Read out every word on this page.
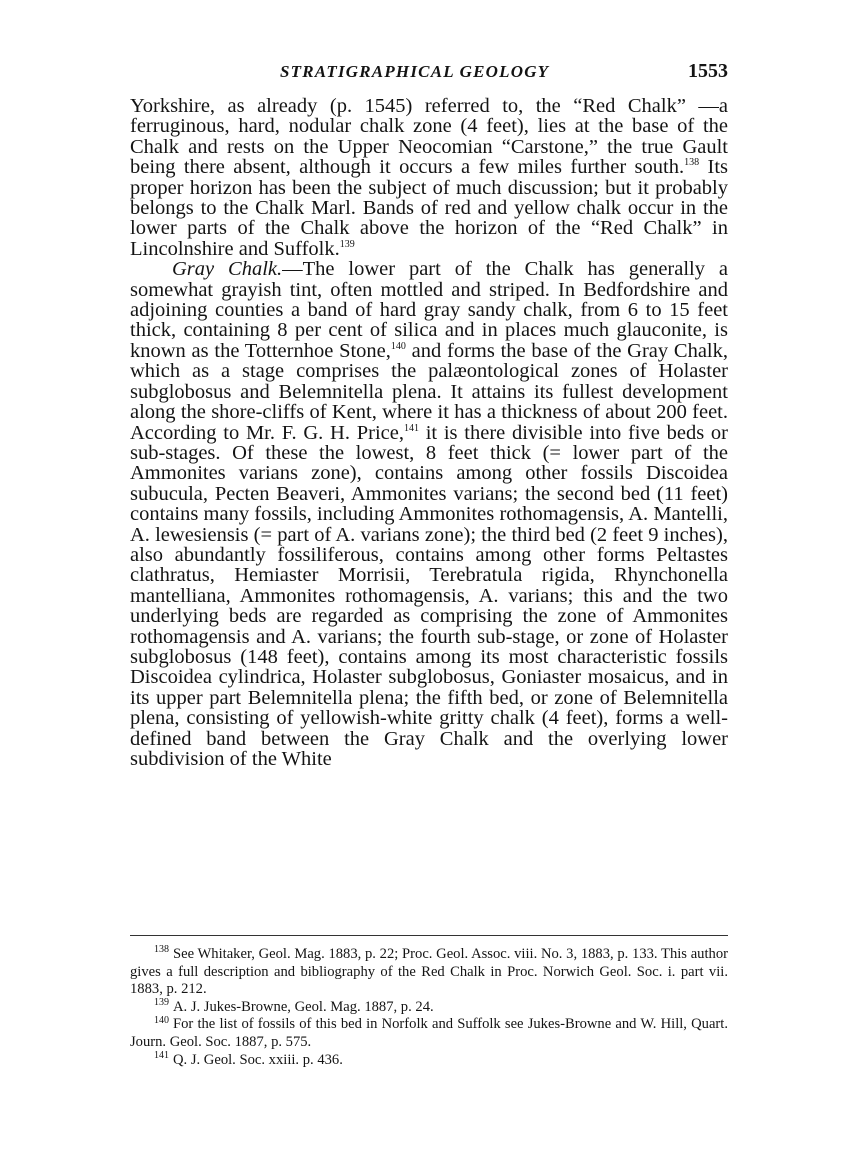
STRATIGRAPHICAL GEOLOGY	1553

Yorkshire, as already (p. 1545) referred to, the “Red Chalk” —a ferruginous, hard, nodular chalk zone (4 feet), lies at the base of the Chalk and rests on the Upper Neocomian “Carstone,” the true Gault being there absent, although it occurs a few miles further south.$^{138}$ Its proper horizon has been the subject of much discussion; but it probably belongs to the Chalk Marl. Bands of red and yellow chalk occur in the lower parts of the Chalk above the horizon of the “Red Chalk” in Lincolnshire and Suffolk.$^{139}$

Gray Chalk.—The lower part of the Chalk has generally a somewhat grayish tint, often mottled and striped. In Bedfordshire and adjoining counties a band of hard gray sandy chalk, from 6 to 15 feet thick, containing 8 per cent of silica and in places much glauconite, is known as the Totternhoe Stone,$^{140}$ and forms the base of the Gray Chalk, which as a stage comprises the palæontological zones of Holaster subglobosus and Belemnitella plena. It attains its fullest development along the shore-cliffs of Kent, where it has a thickness of about 200 feet. According to Mr. F. G. H. Price,$^{141}$ it is there divisible into five beds or sub-stages. Of these the lowest, 8 feet thick (= lower part of the Ammonites varians zone), contains among other fossils Discoidea subucula, Pecten Beaveri, Ammonites varians; the second bed (11 feet) contains many fossils, including Ammonites rothomagensis, A. Mantelli, A. lewesiensis (= part of A. varians zone); the third bed (2 feet 9 inches), also abundantly fossiliferous, contains among other forms Peltastes clathratus, Hemiaster Morrisii, Terebratula rigida, Rhynchonella mantelliana, Ammonites rothomagensis, A. varians; this and the two underlying beds are regarded as comprising the zone of Ammonites rothomagensis and A. varians; the fourth sub-stage, or zone of Holaster subglobosus (148 feet), contains among its most characteristic fossils Discoidea cylindrica, Holaster subglobosus, Goniaster mosaicus, and in its upper part Belemnitella plena; the fifth bed, or zone of Belemnitella plena, consisting of yellowish-white gritty chalk (4 feet), forms a well-defined band between the Gray Chalk and the overlying lower subdivision of the White

$^{138}$ See Whitaker, Geol. Mag. 1883, p. 22; Proc. Geol. Assoc. viii. No. 3, 1883, p. 133. This author gives a full description and bibliography of the Red Chalk in Proc. Norwich Geol. Soc. i. part vii. 1883, p. 212.

$^{139}$ A. J. Jukes-Browne, Geol. Mag. 1887, p. 24.

$^{140}$ For the list of fossils of this bed in Norfolk and Suffolk see Jukes-Browne and W. Hill, Quart. Journ. Geol. Soc. 1887, p. 575.

$^{141}$ Q. J. Geol. Soc. xxiii. p. 436.
